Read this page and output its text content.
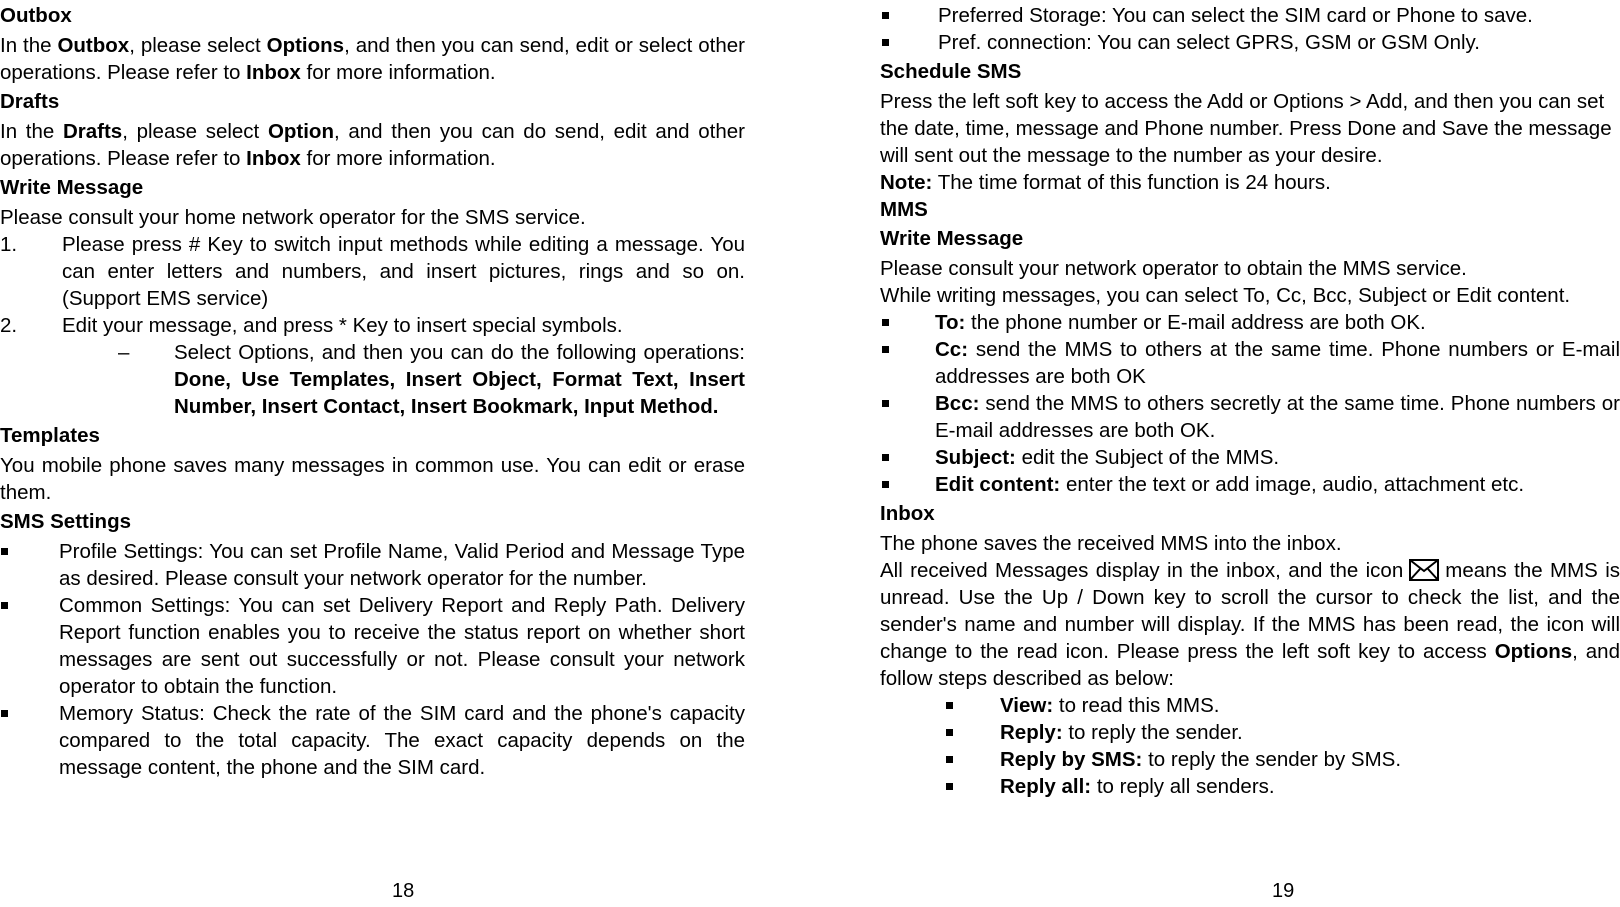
Outbox

In the Outbox, please select Options, and then you can send, edit or select other operations. Please refer to Inbox for more information.

Drafts

In the Drafts, please select Option, and then you can do send, edit and other operations. Please refer to Inbox for more information.

Write Message

Please consult your home network operator for the SMS service.

1. Please press # Key to switch input methods while editing a message. You can enter letters and numbers, and insert pictures, rings and so on. (Support EMS service)
2. Edit your message, and press * Key to insert special symbols.

– Select Options, and then you can do the following operations: Done, Use Templates, Insert Object, Format Text, Insert Number, Insert Contact, Insert Bookmark, Input Method.

Templates

You mobile phone saves many messages in common use. You can edit or erase them.

SMS Settings

Profile Settings: You can set Profile Name, Valid Period and Message Type as desired. Please consult your network operator for the number.
Common Settings: You can set Delivery Report and Reply Path. Delivery Report function enables you to receive the status report on whether short messages are sent out successfully or not. Please consult your network operator to obtain the function.
Memory Status: Check the rate of the SIM card and the phone's capacity compared to the total capacity. The exact capacity depends on the message content, the phone and the SIM card.
18
Preferred Storage: You can select the SIM card or Phone to save.
Pref. connection: You can select GPRS, GSM or GSM Only.

Schedule SMS

Press the left soft key to access the Add or Options > Add, and then you can set the date, time, message and Phone number. Press Done and Save the message will sent out the message to the number as your desire.

Note: The time format of this function is 24 hours.

MMS

Write Message

Please consult your network operator to obtain the MMS service.

While writing messages, you can select To, Cc, Bcc, Subject or Edit content.

To: the phone number or E-mail address are both OK.
Cc: send the MMS to others at the same time. Phone numbers or E-mail addresses are both OK
Bcc: send the MMS to others secretly at the same time. Phone numbers or E-mail addresses are both OK.
Subject: edit the Subject of the MMS.
Edit content: enter the text or add image, audio, attachment etc.

Inbox

The phone saves the received MMS into the inbox.

All received Messages display in the inbox, and the icon means the MMS is unread. Use the Up / Down key to scroll the cursor to check the list, and the sender's name and number will display. If the MMS has been read, the icon will change to the read icon. Please press the left soft key to access Options, and follow steps described as below:

View: to read this MMS.
Reply: to reply the sender.
Reply by SMS: to reply the sender by SMS.
Reply all: to reply all senders.
19
